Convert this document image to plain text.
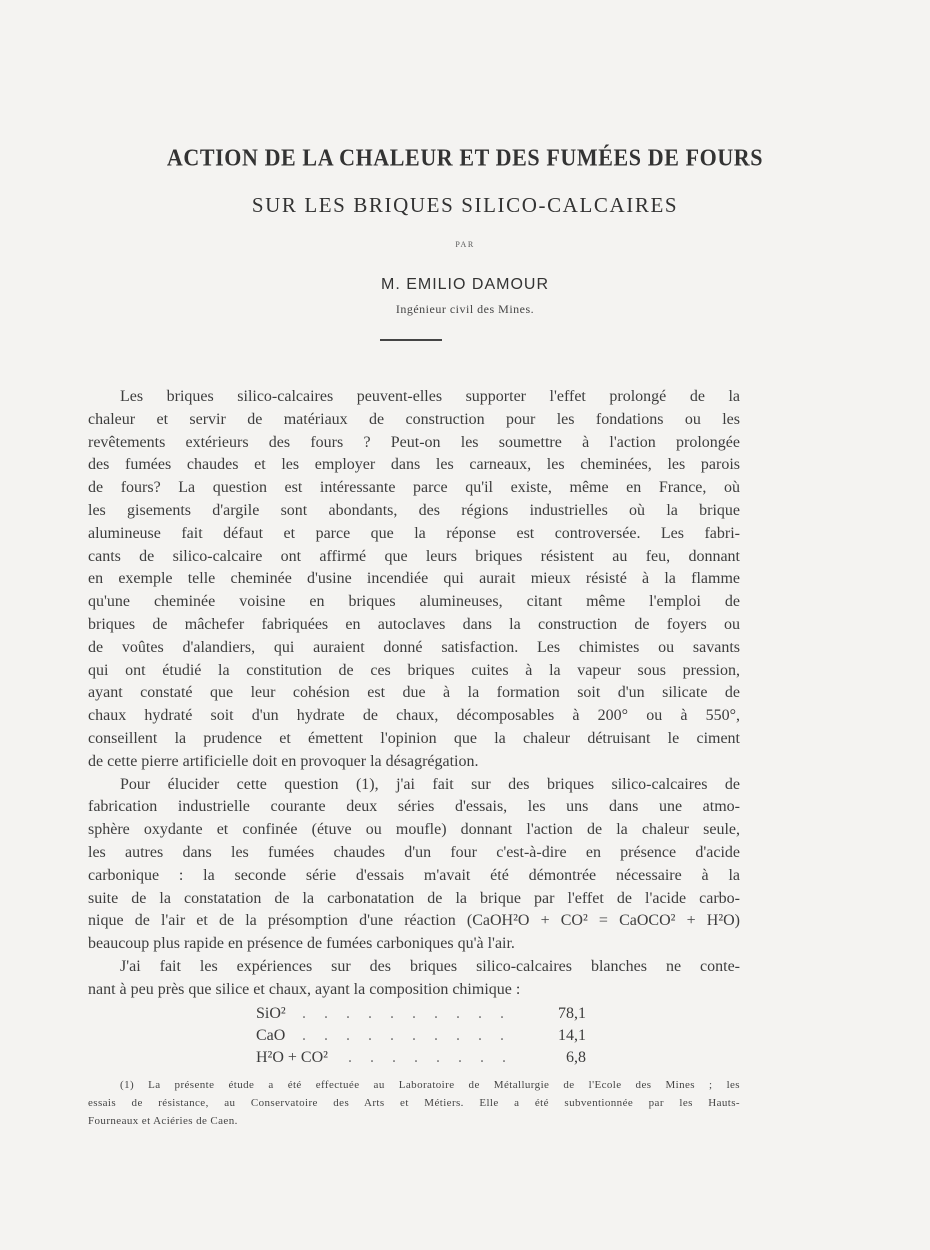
ACTION DE LA CHALEUR ET DES FUMÉES DE FOURS
SUR LES BRIQUES SILICO-CALCAIRES
PAR
M. EMILIO DAMOUR
Ingénieur civil des Mines.
Les briques silico-calcaires peuvent-elles supporter l'effet prolongé de la
chaleur et servir de matériaux de construction pour les fondations ou les
revêtements extérieurs des fours ? Peut-on les soumettre à l'action prolongée
des fumées chaudes et les employer dans les carneaux, les cheminées, les parois
de fours? La question est intéressante parce qu'il existe, même en France, où
les gisements d'argile sont abondants, des régions industrielles où la brique
alumineuse fait défaut et parce que la réponse est controversée. Les fabri-
cants de silico-calcaire ont affirmé que leurs briques résistent au feu, donnant
en exemple telle cheminée d'usine incendiée qui aurait mieux résisté à la flamme
qu'une cheminée voisine en briques alumineuses, citant même l'emploi de
briques de mâchefer fabriquées en autoclaves dans la construction de foyers ou
de voûtes d'alandiers, qui auraient donné satisfaction. Les chimistes ou savants
qui ont étudié la constitution de ces briques cuites à la vapeur sous pression,
ayant constaté que leur cohésion est due à la formation soit d'un silicate de
chaux hydraté soit d'un hydrate de chaux, décomposables à 200° ou à 550°,
conseillent la prudence et émettent l'opinion que la chaleur détruisant le ciment
de cette pierre artificielle doit en provoquer la désagrégation.
Pour élucider cette question (1), j'ai fait sur des briques silico-calcaires de
fabrication industrielle courante deux séries d'essais, les uns dans une atmo-
sphère oxydante et confinée (étuve ou moufle) donnant l'action de la chaleur seule,
les autres dans les fumées chaudes d'un four c'est-à-dire en présence d'acide
carbonique : la seconde série d'essais m'avait été démontrée nécessaire à la
suite de la constatation de la carbonatation de la brique par l'effet de l'acide carbo-
nique de l'air et de la présomption d'une réaction (CaOH²O + CO² = CaOCO² + H²O)
beaucoup plus rapide en présence de fumées carboniques qu'à l'air.
J'ai fait les expériences sur des briques silico-calcaires blanches ne conte-
nant à peu près que silice et chaux, ayant la composition chimique :
SiO² . . . . . . . . . .	78,1
CaO . . . . . . . . . .	14,1
H²O + CO² . . . . . . . .	6,8
(1) La présente étude a été effectuée au Laboratoire de Métallurgie de l'Ecole des Mines ; les
essais de résistance, au Conservatoire des Arts et Métiers. Elle a été subventionnée par les Hauts-
Fourneaux et Aciéries de Caen.
